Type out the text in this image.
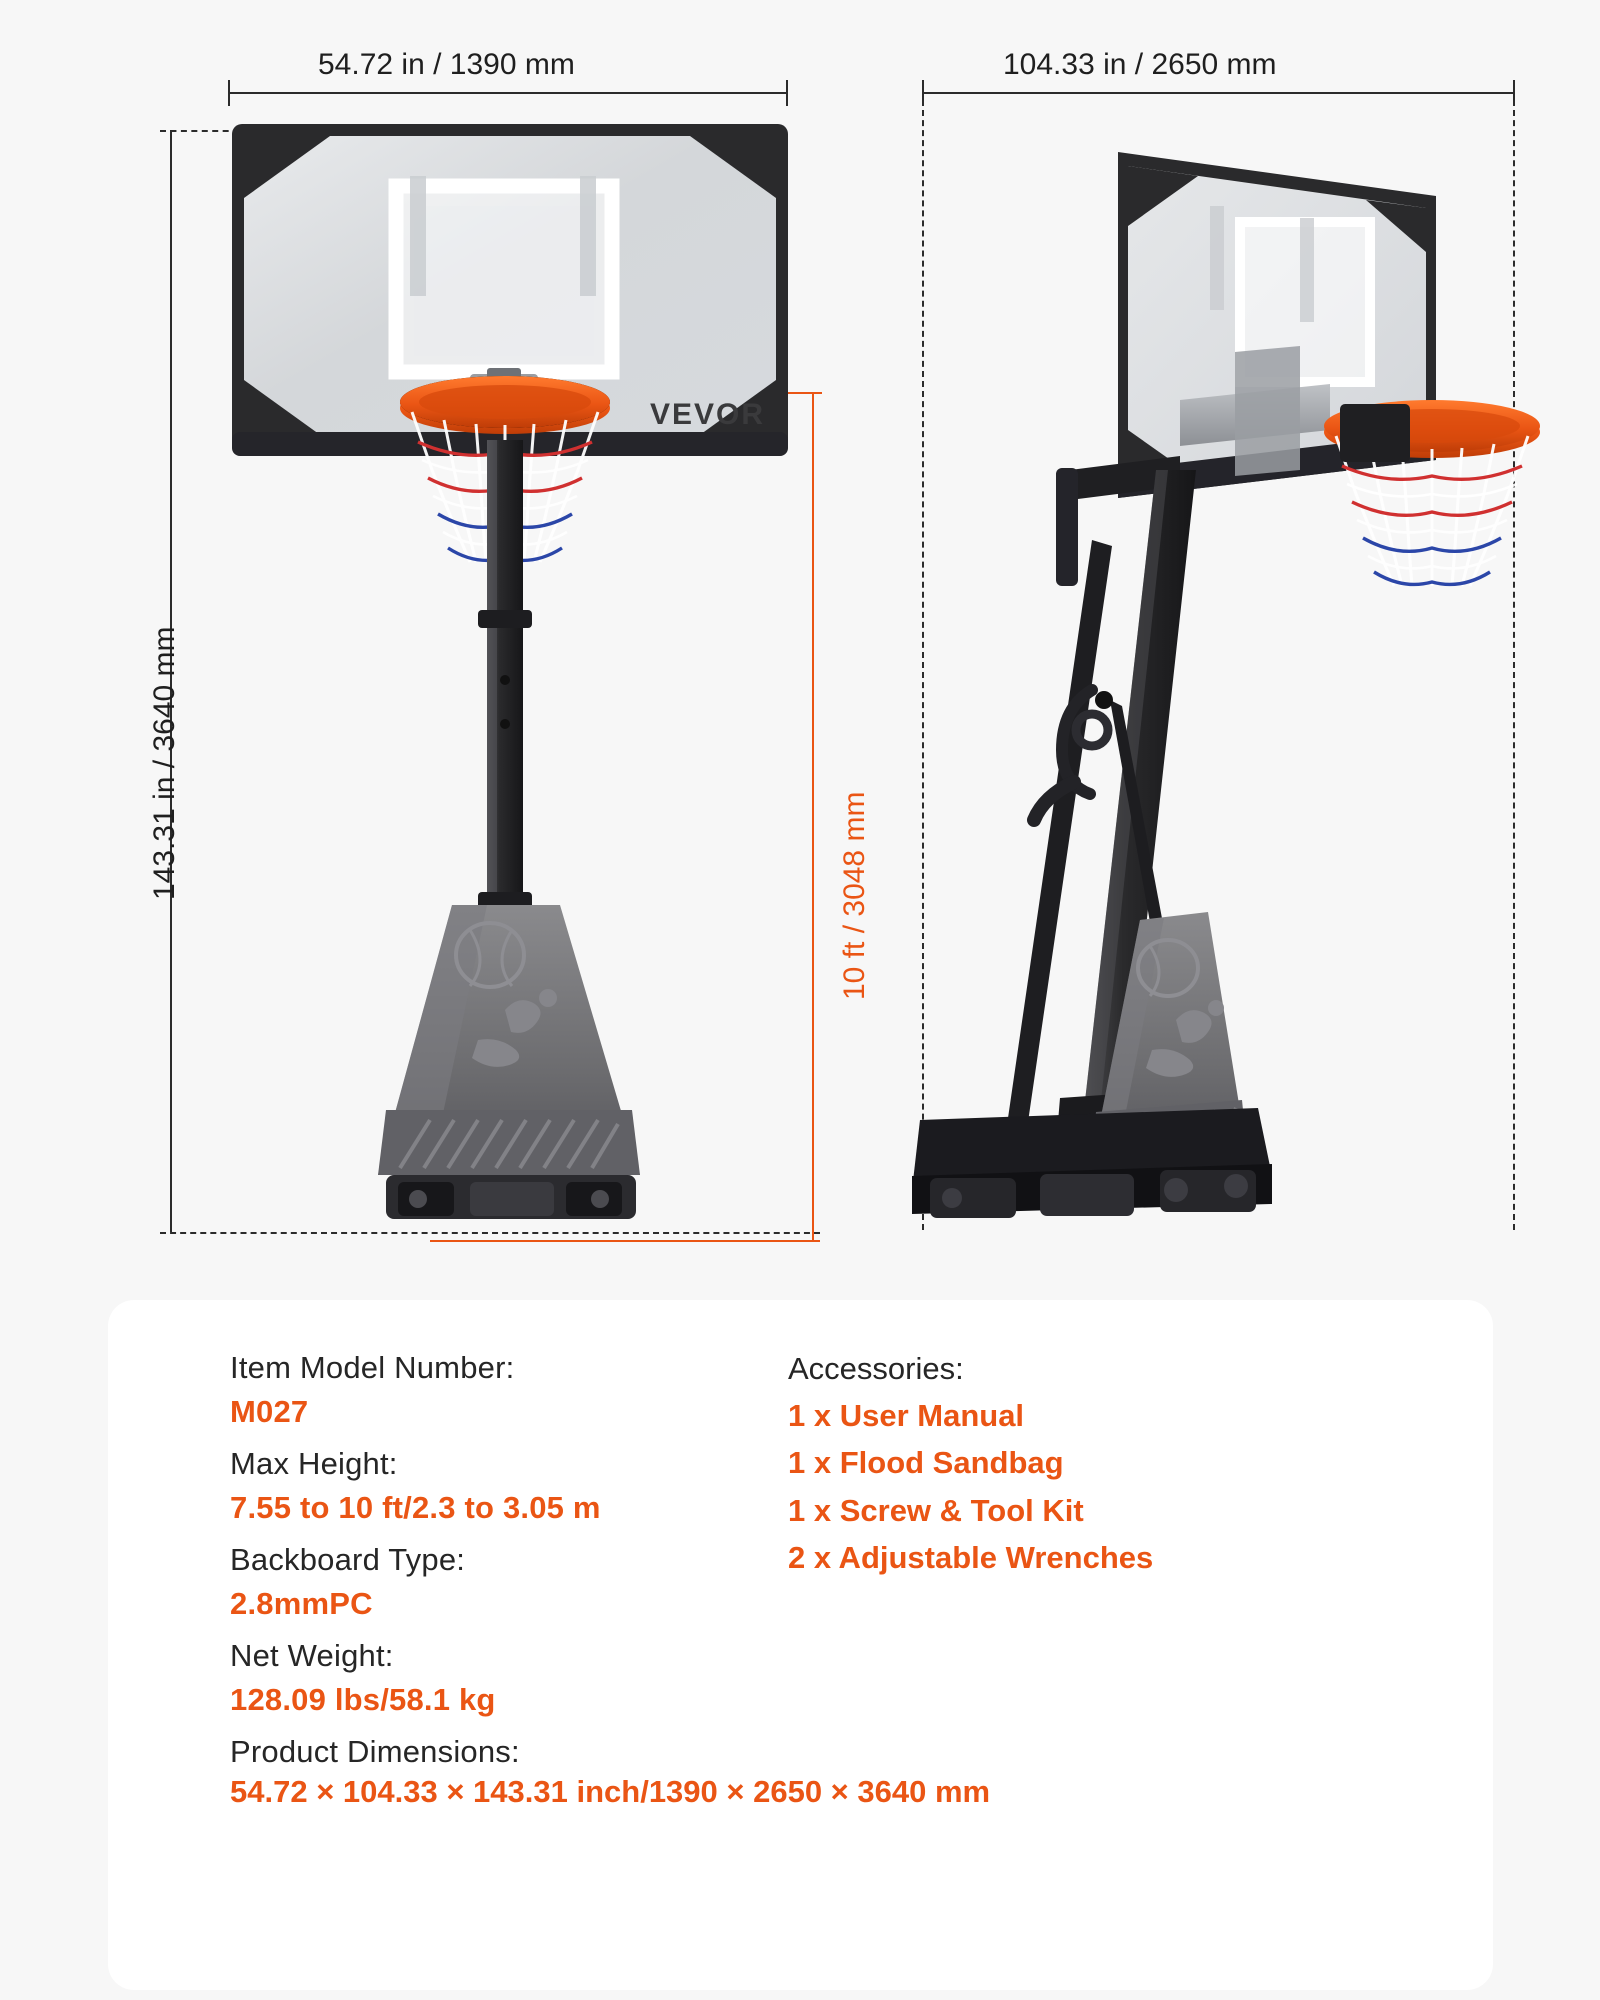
54.72 in / 1390 mm	104.33 in / 2650 mm
143.31 in / 3640 mm	10 ft / 3048 mm
VEVOR
Item Model Number:
M027
Max Height:
7.55 to 10 ft/2.3 to 3.05 m
Backboard Type:
2.8mmPC
Net Weight:
128.09 lbs/58.1 kg
Product Dimensions:
54.72 × 104.33 × 143.31 inch/1390 × 2650 × 3640 mm
Accessories:
1 x User Manual
1 x Flood Sandbag
1 x Screw & Tool Kit
2 x Adjustable Wrenches
